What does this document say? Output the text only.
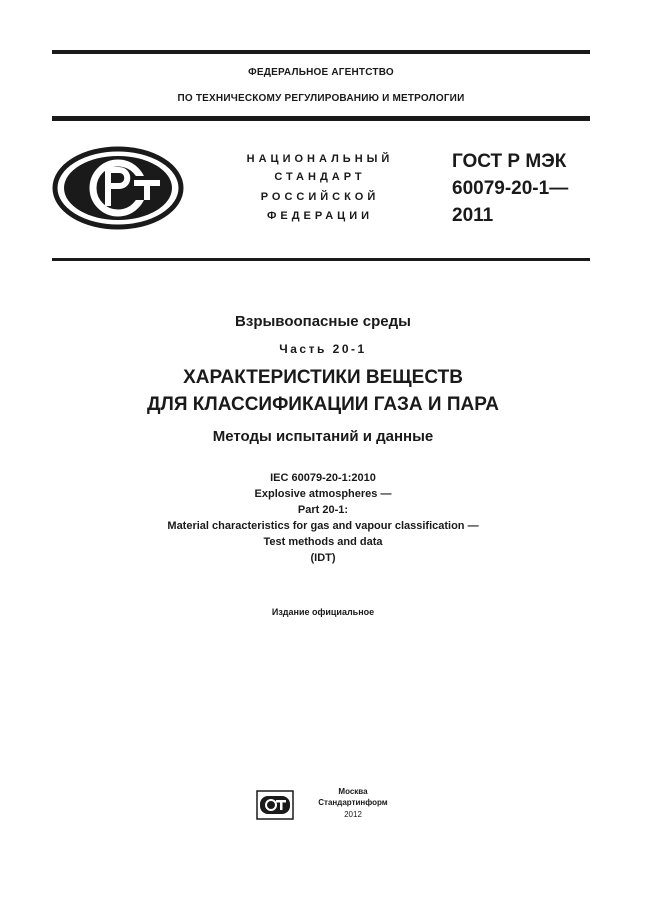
ФЕДЕРАЛЬНОЕ АГЕНТСТВО
ПО ТЕХНИЧЕСКОМУ РЕГУЛИРОВАНИЮ И МЕТРОЛОГИИ
НАЦИОНАЛЬНЫЙ
СТАНДАРТ
РОССИЙСКОЙ
ФЕДЕРАЦИИ
ГОСТ Р МЭК
60079-20-1—
2011
Взрывоопасные среды
Часть 20-1
ХАРАКТЕРИСТИКИ ВЕЩЕСТВ
ДЛЯ КЛАССИФИКАЦИИ ГАЗА И ПАРА
Методы испытаний и данные
IEC 60079-20-1:2010
Explosive atmospheres —
Part 20-1:
Material characteristics for gas and vapour classification —
Test methods and data
(IDT)
Издание официальное
Москва
Стандартинформ
2012
